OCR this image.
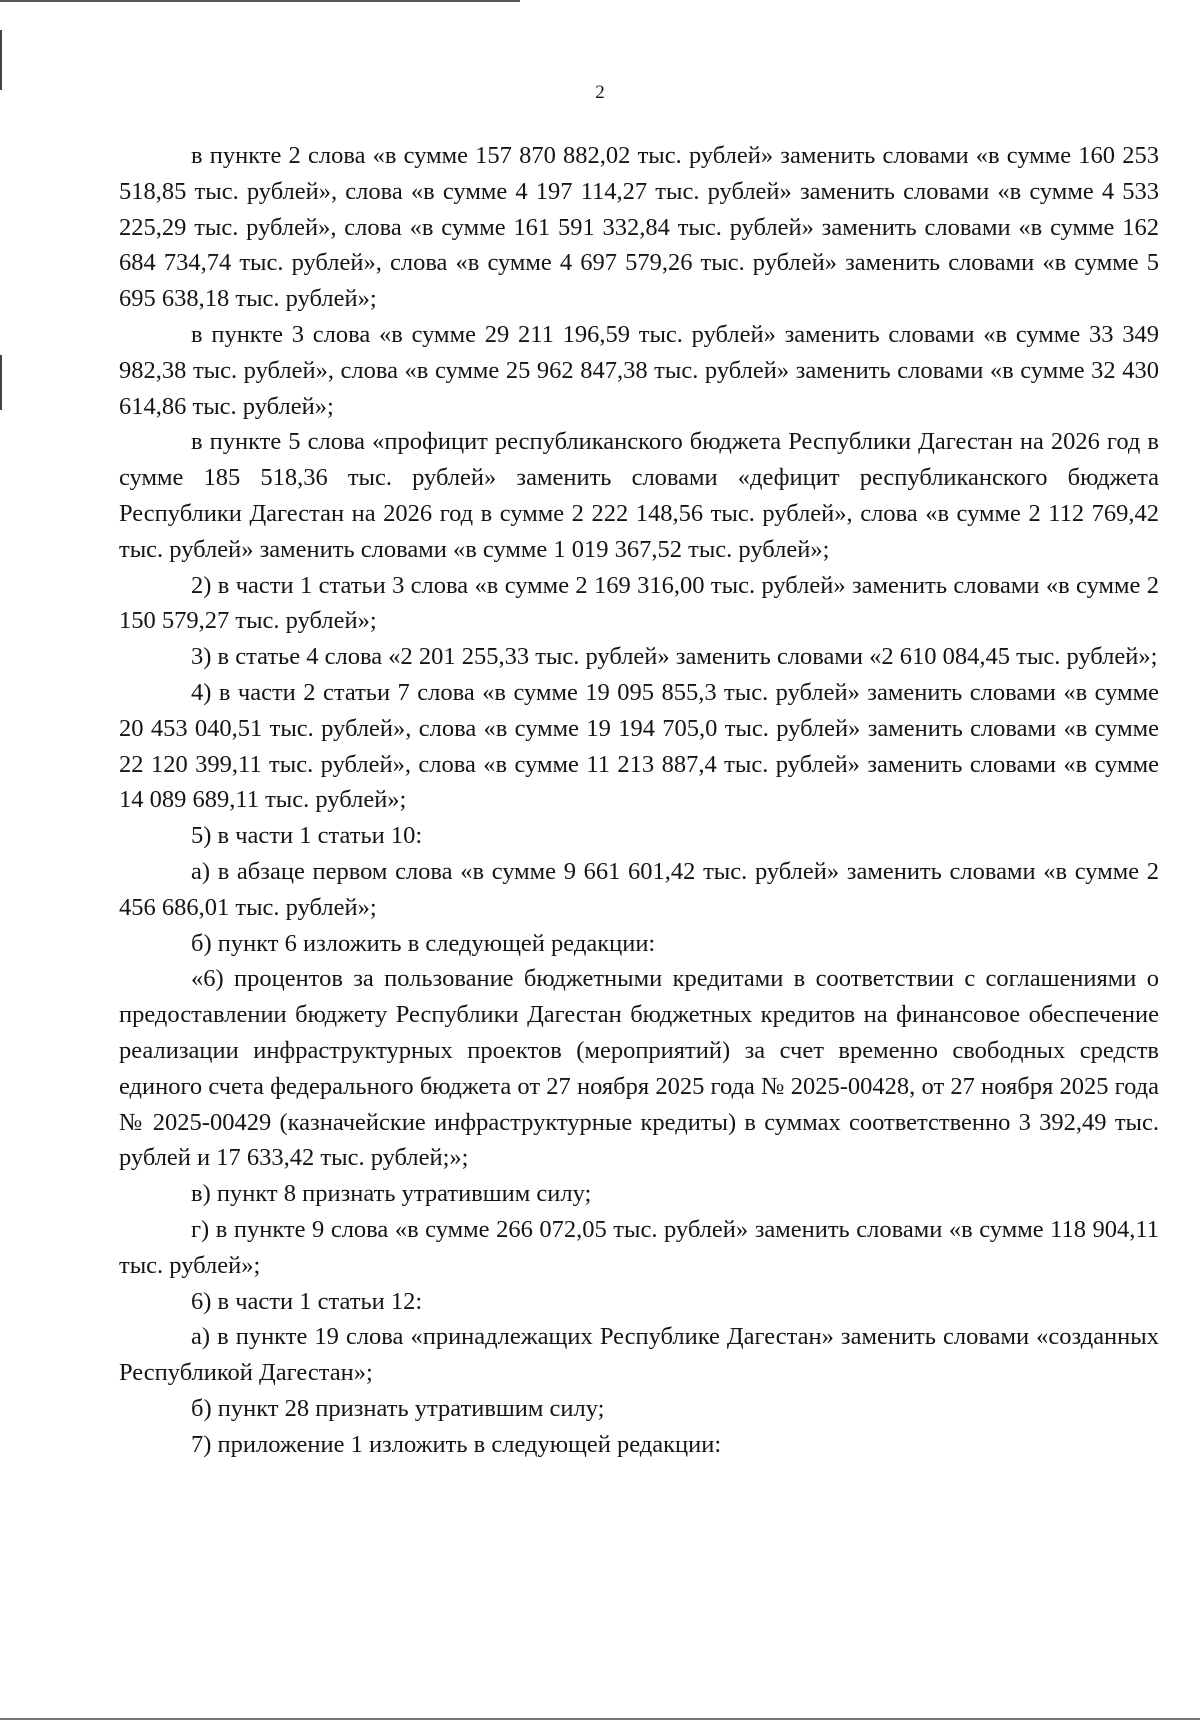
2

в пункте 2 слова «в сумме 157 870 882,02 тыс. рублей» заменить словами «в сумме 160 253 518,85 тыс. рублей», слова «в сумме 4 197 114,27 тыс. рублей» заменить словами «в сумме 4 533 225,29 тыс. рублей», слова «в сумме 161 591 332,84 тыс. рублей» заменить словами «в сумме 162 684 734,74 тыс. рублей», слова «в сумме 4 697 579,26 тыс. рублей» заменить словами «в сумме 5 695 638,18 тыс. рублей»;

в пункте 3 слова «в сумме 29 211 196,59 тыс. рублей» заменить словами «в сумме 33 349 982,38 тыс. рублей», слова «в сумме 25 962 847,38 тыс. рублей» заменить словами «в сумме 32 430 614,86 тыс. рублей»;

в пункте 5 слова «профицит республиканского бюджета Республики Дагестан на 2026 год в сумме 185 518,36 тыс. рублей» заменить словами «дефицит республиканского бюджета Республики Дагестан на 2026 год в сумме 2 222 148,56 тыс. рублей», слова «в сумме 2 112 769,42 тыс. рублей» заменить словами «в сумме 1 019 367,52 тыс. рублей»;

2) в части 1 статьи 3 слова «в сумме 2 169 316,00 тыс. рублей» заменить словами «в сумме 2 150 579,27 тыс. рублей»;

3) в статье 4 слова «2 201 255,33 тыс. рублей» заменить словами «2 610 084,45 тыс. рублей»;

4) в части 2 статьи 7 слова «в сумме 19 095 855,3 тыс. рублей» заменить словами «в сумме 20 453 040,51 тыс. рублей», слова «в сумме 19 194 705,0 тыс. рублей» заменить словами «в сумме 22 120 399,11 тыс. рублей», слова «в сумме 11 213 887,4 тыс. рублей» заменить словами «в сумме 14 089 689,11 тыс. рублей»;

5) в части 1 статьи 10:

а) в абзаце первом слова «в сумме 9 661 601,42 тыс. рублей» заменить словами «в сумме 2 456 686,01 тыс. рублей»;

б) пункт 6 изложить в следующей редакции:

«6) процентов за пользование бюджетными кредитами в соответствии с соглашениями о предоставлении бюджету Республики Дагестан бюджетных кредитов на финансовое обеспечение реализации инфраструктурных проектов (мероприятий) за счет временно свободных средств единого счета федерального бюджета от 27 ноября 2025 года № 2025-00428, от 27 ноября 2025 года № 2025-00429 (казначейские инфраструктурные кредиты) в суммах соответственно 3 392,49 тыс. рублей и 17 633,42 тыс. рублей;»;

в) пункт 8 признать утратившим силу;

г) в пункте 9 слова «в сумме 266 072,05 тыс. рублей» заменить словами «в сумме 118 904,11 тыс. рублей»;

6) в части 1 статьи 12:

а) в пункте 19 слова «принадлежащих Республике Дагестан» заменить словами «созданных Республикой Дагестан»;

б) пункт 28 признать утратившим силу;

7) приложение 1 изложить в следующей редакции:
